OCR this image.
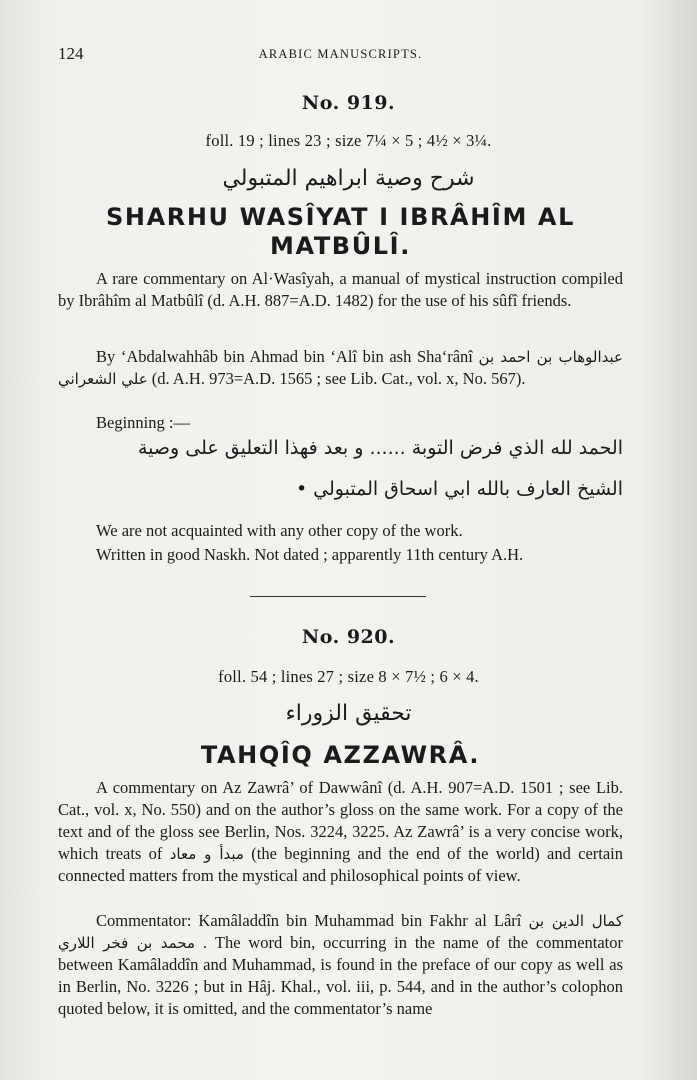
124	ARABIC MANUSCRIPTS.
No. 919.
foll. 19 ; lines 23 ; size 7¼ × 5 ; 4½ × 3¼.
شرح وصية ابراهيم المتبولي
SHARHU WASÎYAT I IBRÂHÎM AL
MATBÛLÎ.

A rare commentary on Al·Wasîyah, a manual of mystical instruction compiled by Ibrâhîm al Matbûlî (d. A.H. 887=A.D. 1482) for the use of his sûfî friends.

By ‘Abdalwahhâb bin Ahmad bin ‘Alî bin ash Sha‘rânî عبدالوهاب بن احمد بن علي الشعراني (d. A.H. 973=A.D. 1565 ; see Lib. Cat., vol. x, No. 567).

Beginning :—

الحمد لله الذي فرض التوبة ...... و بعد فهذا التعليق على وصية
الشيخ العارف بالله ابي اسحاق المتبولي •

We are not acquainted with any other copy of the work.

Written in good Naskh. Not dated ; apparently 11th century A.H.

No. 920.
foll. 54 ; lines 27 ; size 8 × 7½ ; 6 × 4.
تحقيق الزوراء
TAHQÎQ AZZAWRÂ.

A commentary on Az Zawrâ’ of Dawwânî (d. A.H. 907=A.D. 1501 ; see Lib. Cat., vol. x, No. 550) and on the author’s gloss on the same work. For a copy of the text and of the gloss see Berlin, Nos. 3224, 3225. Az Zawrâ’ is a very concise work, which treats of مبدأ و معاد (the beginning and the end of the world) and certain connected matters from the mystical and philosophical points of view.

Commentator: Kamâladdîn bin Muhammad bin Fakhr al Lârî كمال الدين بن محمد بن فخر اللاري . The word bin, occurring in the name of the commentator between Kamâladdîn and Muhammad, is found in the preface of our copy as well as in Berlin, No. 3226 ; but in Hâj. Khal., vol. iii, p. 544, and in the author’s colophon quoted below, it is omitted, and the commentator’s name
